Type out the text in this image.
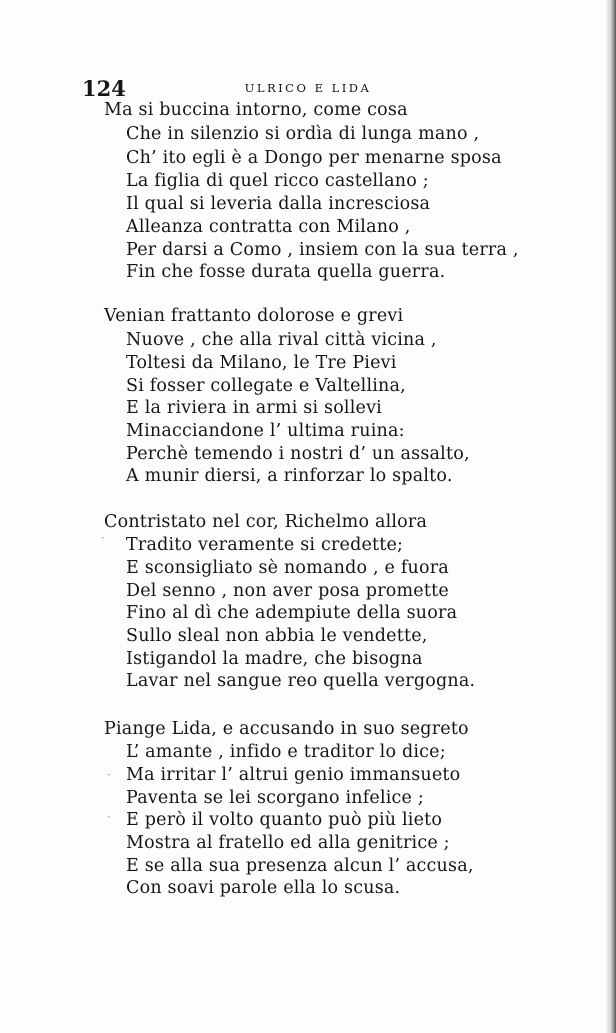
124	ULRICO E LIDA
Ma si buccina intorno, come cosa
Che in silenzio si ordìa di lunga mano ,
Ch’ ito egli è a Dongo per menarne sposa
La figlia di quel ricco castellano ;
Il qual si leveria dalla incresciosa
Alleanza contratta con Milano ,
Per darsi a Como , insiem con la sua terra ,
Fin che fosse durata quella guerra.
Venian frattanto dolorose e grevi
Nuove , che alla rival città vicina ,
Toltesi da Milano, le Tre Pievi
Si fosser collegate e Valtellina,
E la riviera in armi si sollevi
Minacciandone l’ ultima ruina:
Perchè temendo i nostri d’ un assalto,
A munir diersi, a rinforzar lo spalto.
Contristato nel cor, Richelmo allora
Tradito veramente si credette;
E sconsigliato sè nomando , e fuora
Del senno , non aver posa promette
Fino al dì che adempiute della suora
Sullo sleal non abbia le vendette,
Istigandol la madre, che bisogna
Lavar nel sangue reo quella vergogna.
Piange Lida, e accusando in suo segreto
L’ amante , infido e traditor lo dice;
Ma irritar l’ altrui genio immansueto
Paventa se lei scorgano infelice ;
E però il volto quanto può più lieto
Mostra al fratello ed alla genitrice ;
E se alla sua presenza alcun l’ accusa,
Con soavi parole ella lo scusa.
·
·
·
